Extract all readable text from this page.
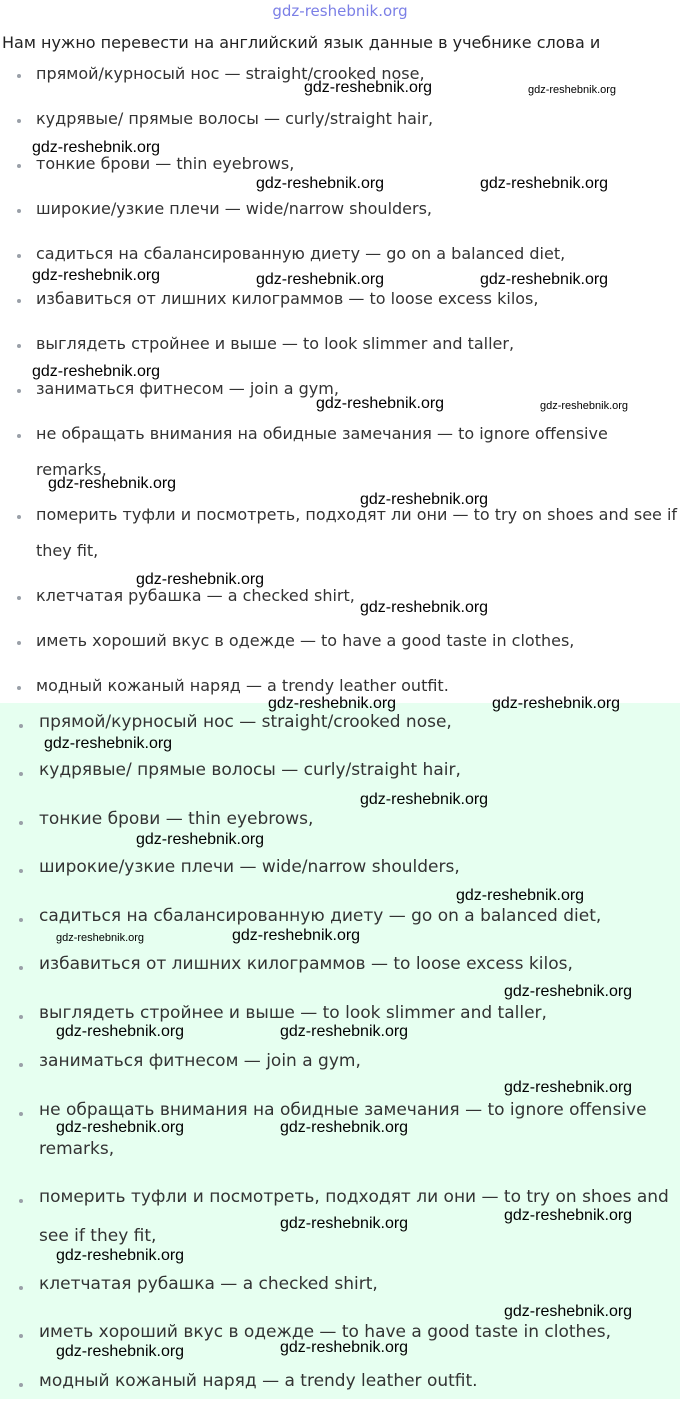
gdz-reshebnik.org
Нам нужно перевести на английский язык данные в учебнике слова и
прямой/курносый нос — straight/crooked nose,
кудрявые/ прямые волосы — curly/straight hair,
тонкие брови — thin eyebrows,
широкие/узкие плечи — wide/narrow shoulders,
садиться на сбалансированную диету — go on a balanced diet,
избавиться от лишних килограммов — to loose excess kilos,
выглядеть стройнее и выше — to look slimmer and taller,
заниматься фитнесом — join a gym,
не обращать внимания на обидные замечания — to ignore offensive remarks,
померить туфли и посмотреть, подходят ли они — to try on shoes and see if they fit,
клетчатая рубашка — a checked shirt,
иметь хороший вкус в одежде — to have a good taste in clothes,
модный кожаный наряд — a trendy leather outfit.
прямой/курносый нос — straight/crooked nose,
кудрявые/ прямые волосы — curly/straight hair,
тонкие брови — thin eyebrows,
широкие/узкие плечи — wide/narrow shoulders,
садиться на сбалансированную диету — go on a balanced diet,
избавиться от лишних килограммов — to loose excess kilos,
выглядеть стройнее и выше — to look slimmer and taller,
заниматься фитнесом — join a gym,
не обращать внимания на обидные замечания — to ignore offensive remarks,
померить туфли и посмотреть, подходят ли они — to try on shoes and see if they fit,
клетчатая рубашка — a checked shirt,
иметь хороший вкус в одежде — to have a good taste in clothes,
модный кожаный наряд — a trendy leather outfit.
gdz-reshebnik.org	gdz-reshebnik.org
gdz-reshebnik.org
gdz-reshebnik.org	gdz-reshebnik.org
gdz-reshebnik.org	gdz-reshebnik.org	gdz-reshebnik.org
gdz-reshebnik.org
gdz-reshebnik.org	gdz-reshebnik.org
gdz-reshebnik.org
gdz-reshebnik.org
gdz-reshebnik.org
gdz-reshebnik.org
gdz-reshebnik.org	gdz-reshebnik.org
gdz-reshebnik.org
gdz-reshebnik.org
gdz-reshebnik.org
gdz-reshebnik.org
gdz-reshebnik.org	gdz-reshebnik.org
gdz-reshebnik.org
gdz-reshebnik.org	gdz-reshebnik.org
gdz-reshebnik.org
gdz-reshebnik.org	gdz-reshebnik.org
gdz-reshebnik.org
gdz-reshebnik.org
gdz-reshebnik.org
gdz-reshebnik.org
gdz-reshebnik.org
gdz-reshebnik.org
